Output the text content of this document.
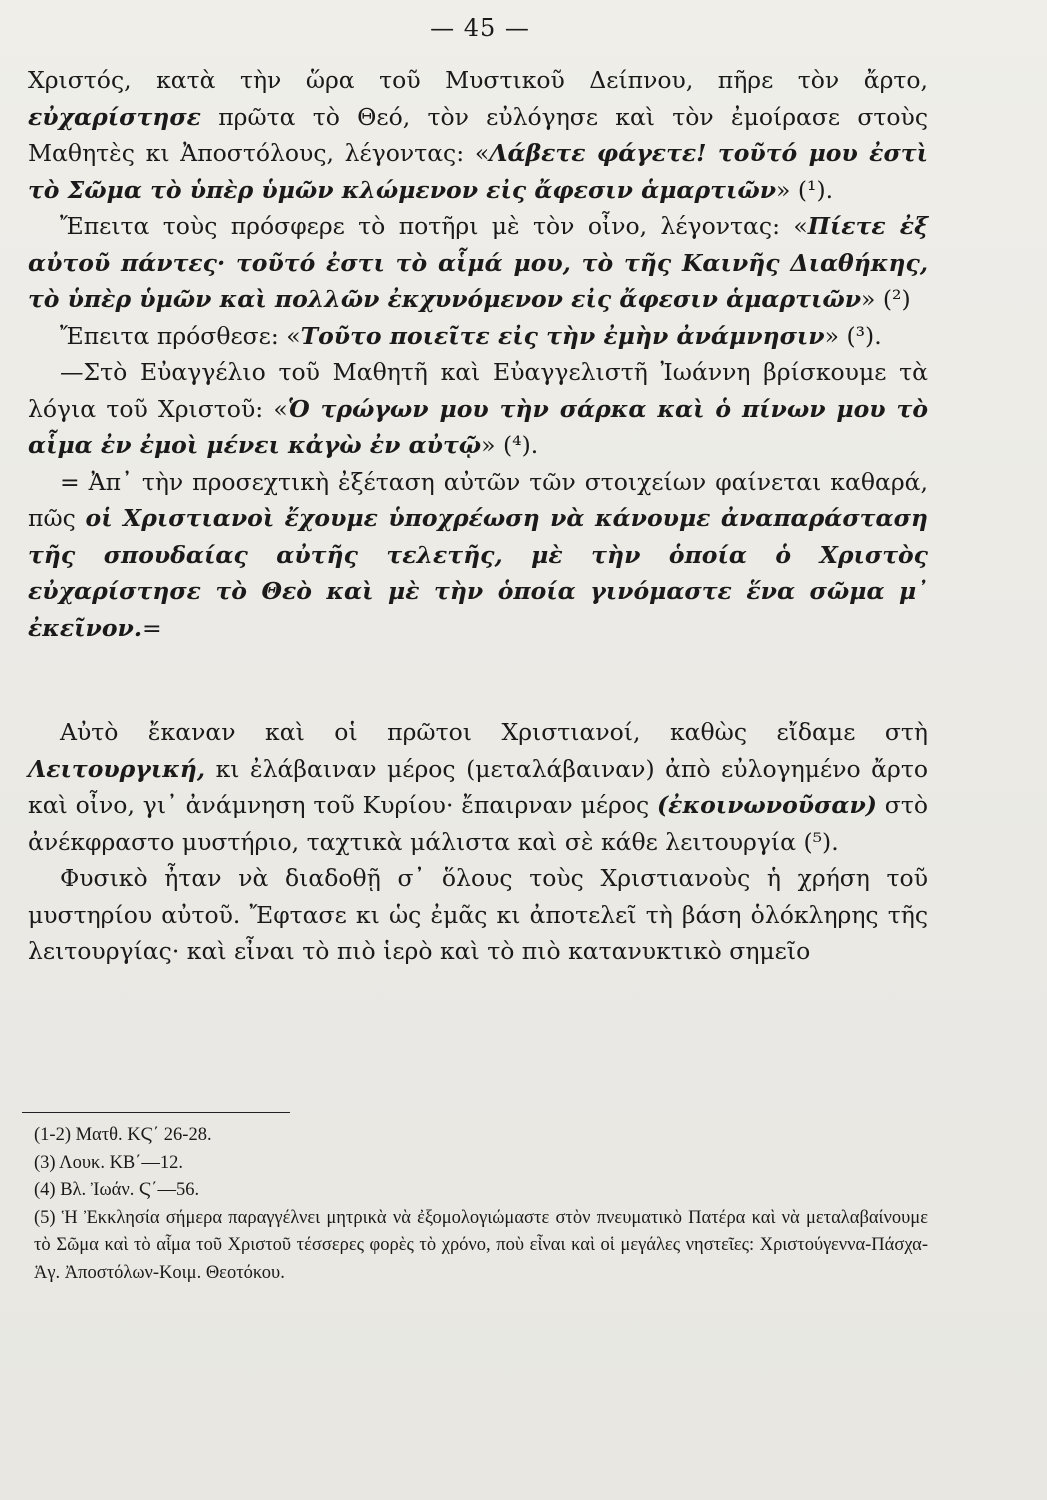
— 45 —

Χριστός, κατὰ τὴν ὥρα τοῦ Μυστικοῦ Δείπνου, πῆρε τὸν ἄρτο, εὐχαρίστησε πρῶτα τὸ Θεό, τὸν εὐλόγησε καὶ τὸν ἐμοίρασε στοὺς Μαθητὲς κι Ἀποστόλους, λέγοντας: «Λάβετε φάγετε! τοῦτό μου ἐστὶ τὸ Σῶμα τὸ ὑπὲρ ὑμῶν κλώμενον εἰς ἄφεσιν ἁμαρτιῶν» (¹).

Ἔπειτα τοὺς πρόσφερε τὸ ποτῆρι μὲ τὸν οἶνο, λέγοντας: «Πίετε ἐξ αὐτοῦ πάντες· τοῦτό ἐστι τὸ αἷμά μου, τὸ τῆς Καινῆς Διαθήκης, τὸ ὑπὲρ ὑμῶν καὶ πολλῶν ἐκχυνόμενον εἰς ἄφεσιν ἁμαρτιῶν» (²)

Ἔπειτα πρόσθεσε: «Τοῦτο ποιεῖτε εἰς τὴν ἐμὴν ἀνάμνησιν» (³).

—Στὸ Εὐαγγέλιο τοῦ Μαθητῆ καὶ Εὐαγγελιστῆ Ἰωάννη βρίσκουμε τὰ λόγια τοῦ Χριστοῦ: «Ὁ τρώγων μου τὴν σάρκα καὶ ὁ πίνων μου τὸ αἷμα ἐν ἐμοὶ μένει κἀγὼ ἐν αὐτῷ» (⁴).

= Ἀπ᾽ τὴν προσεχτικὴ ἐξέταση αὐτῶν τῶν στοιχείων φαίνεται καθαρά, πῶς οἱ Χριστιανοὶ ἔχουμε ὑποχρέωση νὰ κάνουμε ἀναπαράσταση τῆς σπουδαίας αὐτῆς τελετῆς, μὲ τὴν ὁποία ὁ Χριστὸς εὐχαρίστησε τὸ Θεὸ καὶ μὲ τὴν ὁποία γινόμαστε ἕνα σῶμα μ᾽ ἐκεῖνον.=

Αὐτὸ ἔκαναν καὶ οἱ πρῶτοι Χριστιανοί, καθὼς εἴδαμε στὴ Λειτουργική, κι ἐλάβαιναν μέρος (μεταλάβαιναν) ἀπὸ εὐλογημένο ἄρτο καὶ οἶνο, γι᾽ ἀνάμνηση τοῦ Κυρίου· ἔπαιρναν μέρος (ἐκοινωνοῦσαν) στὸ ἀνέκφραστο μυστήριο, ταχτικὰ μάλιστα καὶ σὲ κάθε λειτουργία (⁵).

Φυσικὸ ἦταν νὰ διαδοθῇ σ᾽ ὅλους τοὺς Χριστιανοὺς ἡ χρήση τοῦ μυστηρίου αὐτοῦ. Ἔφτασε κι ὡς ἐμᾶς κι ἀποτελεῖ τὴ βάση ὁλόκληρης τῆς λειτουργίας· καὶ εἶναι τὸ πιὸ ἱερὸ καὶ τὸ πιὸ κατανυκτικὸ σημεῖο

(1-2) Ματθ. ΚϚ΄ 26-28.

(3) Λουκ. ΚΒ΄—12.

(4) Βλ. Ἰωάν. Ϛ΄—56.

(5) Ἡ Ἐκκλησία σήμερα παραγγέλνει μητρικὰ νὰ ἐξομολογιώμαστε στὸν πνευματικὸ Πατέρα καὶ νὰ μεταλαβαίνουμε τὸ Σῶμα καὶ τὸ αἷμα τοῦ Χριστοῦ τέσσερες φορὲς τὸ χρόνο, ποὺ εἶναι καὶ οἱ μεγάλες νηστεῖες: Χριστούγεννα-Πάσχα-Ἁγ. Ἀποστόλων-Κοιμ. Θεοτόκου.
